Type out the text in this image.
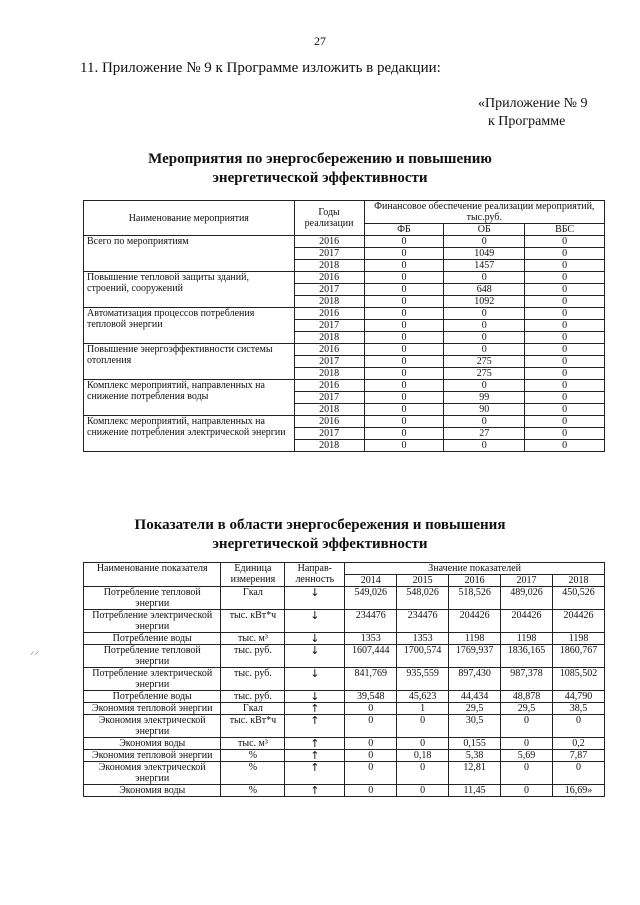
27
11. Приложение № 9 к Программе изложить в редакции:
«Приложение № 9
к Программе
Мероприятия по энергосбережению и повышению
энергетической эффективности
Наименование мероприятия	Годы реализации	Финансовое обеспечение реализации мероприятий, тыс.руб.		
		ФБ	ОБ	ВБС
Всего по мероприятиям	2016	0	0	0
	2017	0	1049	0
	2018	0	1457	0
Повышение тепловой защиты зданий, строений, сооружений	2016	0	0	0
	2017	0	648	0
	2018	0	1092	0
Автоматизация процессов потребления тепловой энергии	2016	0	0	0
	2017	0	0	0
	2018	0	0	0
Повышение энергоэффективности системы отопления	2016	0	0	0
	2017	0	275	0
	2018	0	275	0
Комплекс мероприятий, направленных на снижение потребления воды	2016	0	0	0
	2017	0	99	0
	2018	0	90	0
Комплекс мероприятий, направленных на снижение потребления электрической энергии	2016	0	0	0
	2017	0	27	0
	2018	0	0	0
Показатели в области энергосбережения и повышения
энергетической эффективности
Наименование показателя	Единица измерения	Направ-ленность	Значение показателей				
			2014	2015	2016	2017	2018
Потребление тепловой энергии	Гкал	↓	549,026	548,026	518,526	489,026	450,526
Потребление электрической энергии	тыс. кВт*ч	↓	234476	234476	204426	204426	204426
Потребление воды	тыс. м³	↓	1353	1353	1198	1198	1198
Потребление тепловой энергии	тыс. руб.	↓	1607,444	1700,574	1769,937	1836,165	1860,767
Потребление электрической энергии	тыс. руб.	↓	841,769	935,559	897,430	987,378	1085,502
Потребление воды	тыс. руб.	↓	39,548	45,623	44,434	48,878	44,790
Экономия тепловой энергии	Гкал	↑	0	1	29,5	29,5	38,5
Экономия электрической энергии	тыс. кВт*ч	↑	0	0	30,5	0	0
Экономия воды	тыс. м³	↑	0	0	0,155	0	0,2
Экономия тепловой энергии	%	↑	0	0,18	5,38	5,69	7,87
Экономия электрической энергии	%	↑	0	0	12,81	0	0
Экономия воды	%	↑	0	0	11,45	0	16,69»
⸝⸝
